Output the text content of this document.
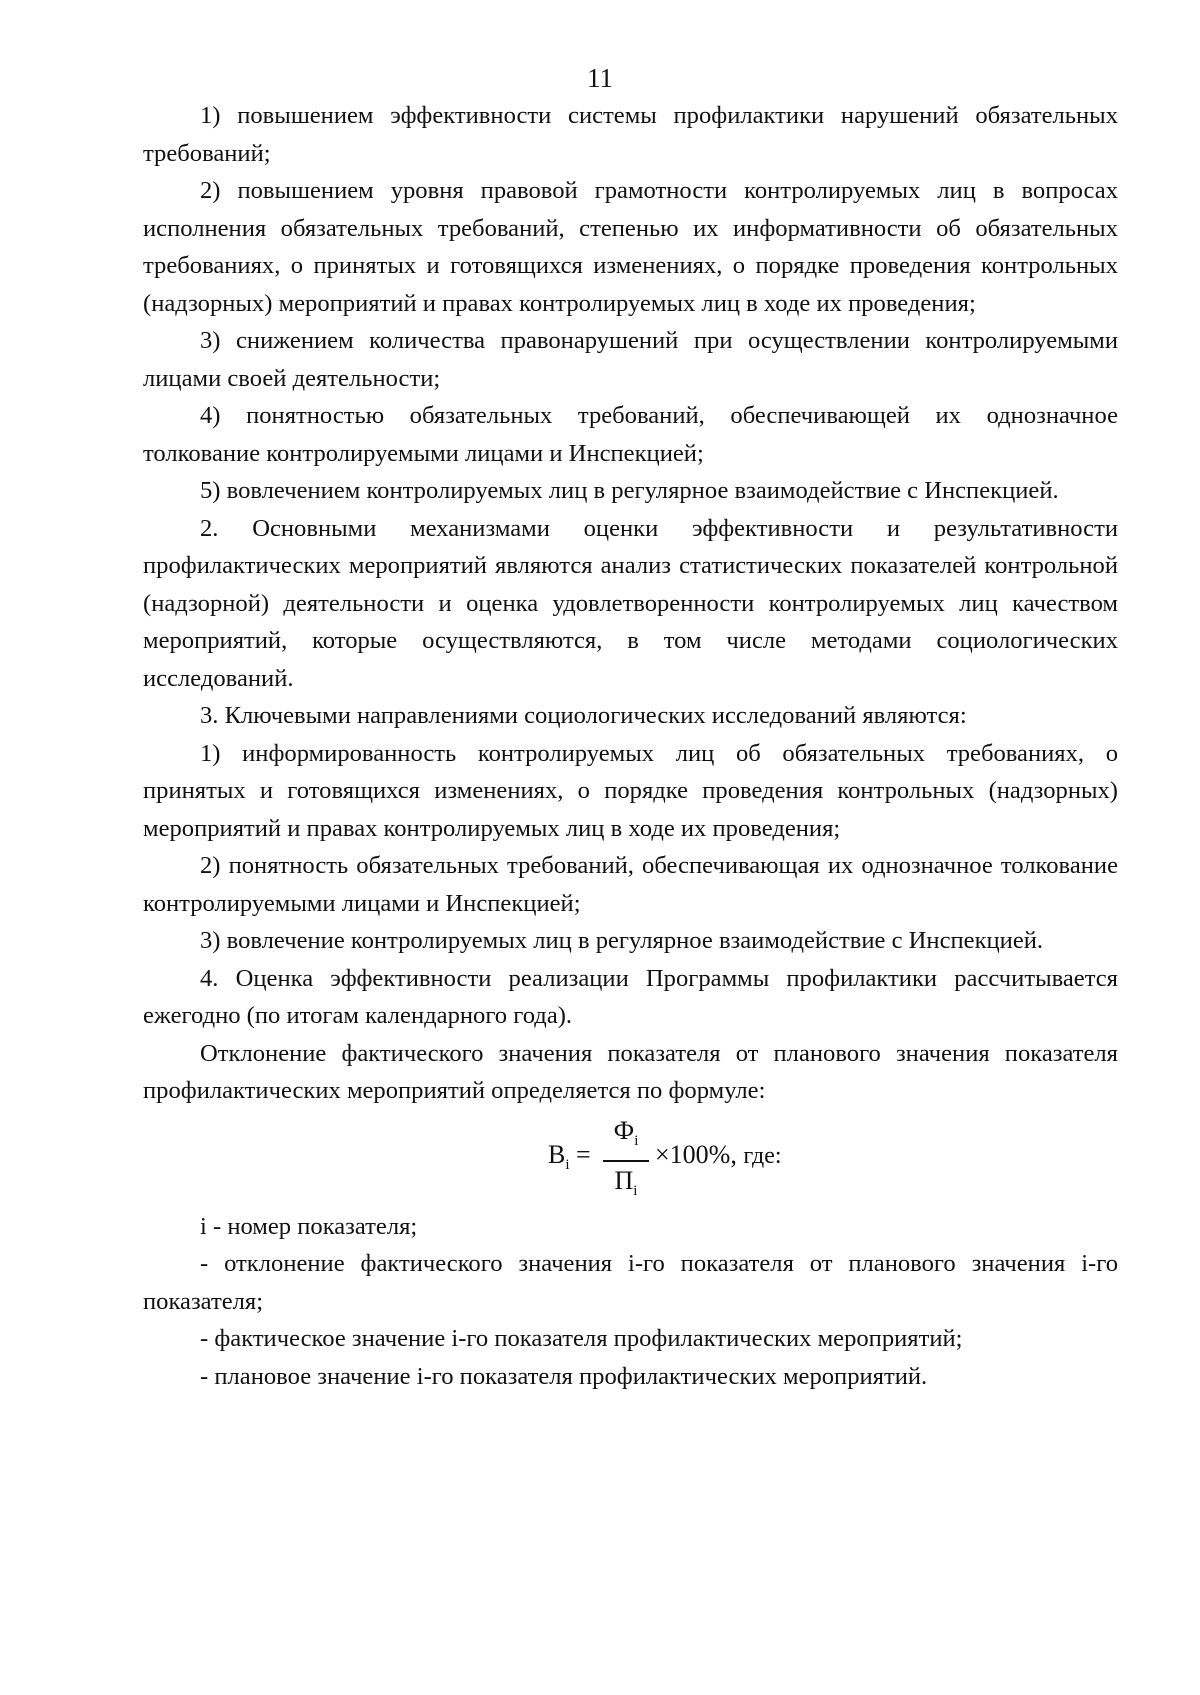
11

1) повышением эффективности системы профилактики нарушений обязательных требований;

2) повышением уровня правовой грамотности контролируемых лиц в вопросах исполнения обязательных требований, степенью их информативности об обязательных требованиях, о принятых и готовящихся изменениях, о порядке проведения контрольных (надзорных) мероприятий и правах контролируемых лиц в ходе их проведения;

3) снижением количества правонарушений при осуществлении контролируемыми лицами своей деятельности;

4) понятностью обязательных требований, обеспечивающей их однозначное толкование контролируемыми лицами и Инспекцией;

5) вовлечением контролируемых лиц в регулярное взаимодействие с Инспекцией.

2. Основными механизмами оценки эффективности и результативности профилактических мероприятий являются анализ статистических показателей контрольной (надзорной) деятельности и оценка удовлетворенности контролируемых лиц качеством мероприятий, которые осуществляются, в том числе методами социологических исследований.

3. Ключевыми направлениями социологических исследований являются:

1) информированность контролируемых лиц об обязательных требованиях, о принятых и готовящихся изменениях, о порядке проведения контрольных (надзорных) мероприятий и правах контролируемых лиц в ходе их проведения;

2) понятность обязательных требований, обеспечивающая их однозначное толкование контролируемыми лицами и Инспекцией;

3) вовлечение контролируемых лиц в регулярное взаимодействие с Инспекцией.

4. Оценка эффективности реализации Программы профилактики рассчитывается ежегодно (по итогам календарного года).

Отклонение фактического значения показателя от планового значения показателя профилактических мероприятий определяется по формуле:

$B_i$ =
$Ф_i$
$П_i$
×100%, где:

i - номер показателя;

- отклонение фактического значения i-го показателя от планового значения i-го показателя;

- фактическое значение i-го показателя профилактических мероприятий;

- плановое значение i-го показателя профилактических мероприятий.
